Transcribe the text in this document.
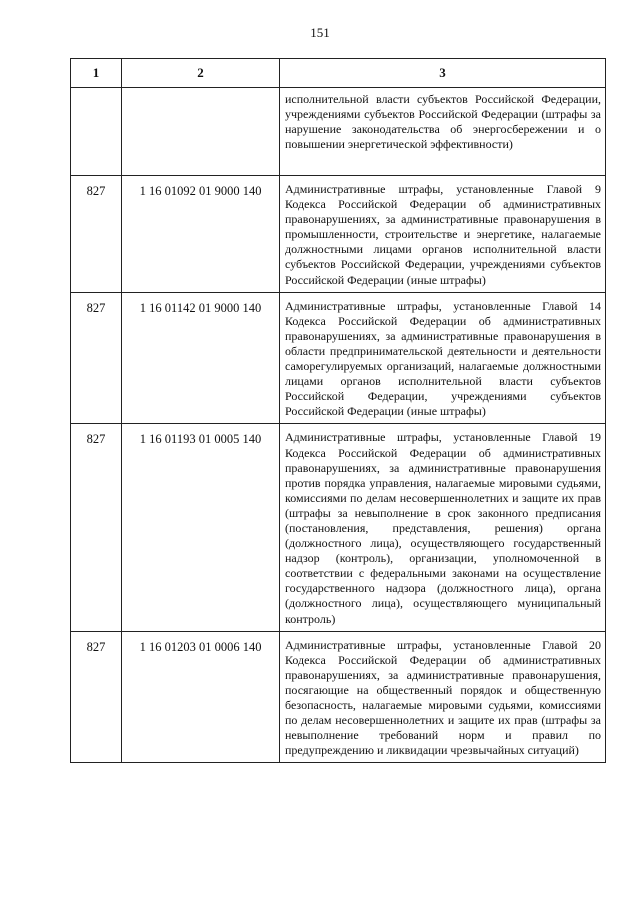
151
1	2	3
		исполнительной власти субъектов Российской Федерации, учреждениями субъектов Российской Федерации (штрафы за нарушение законодательства об энергосбережении и о повышении энергетической эффективности)
827	1 16 01092 01 9000 140	Административные штрафы, установленные Главой 9 Кодекса Российской Федерации об административных правонарушениях, за административные правонарушения в промышленности, строительстве и энергетике, налагаемые должностными лицами органов исполнительной власти субъектов Российской Федерации, учреждениями субъектов Российской Федерации (иные штрафы)
827	1 16 01142 01 9000 140	Административные штрафы, установленные Главой 14 Кодекса Российской Федерации об административных правонарушениях, за административные правонарушения в области предпринимательской деятельности и деятельности саморегулируемых организаций, налагаемые должностными лицами органов исполнительной власти субъектов Российской Федерации, учреждениями субъектов Российской Федерации (иные штрафы)
827	1 16 01193 01 0005 140	Административные штрафы, установленные Главой 19 Кодекса Российской Федерации об административных правонарушениях, за административные правонарушения против порядка управления, налагаемые мировыми судьями, комиссиями по делам несовершеннолетних и защите их прав (штрафы за невыполнение в срок законного предписания (постановления, представления, решения) органа (должностного лица), осуществляющего государственный надзор (контроль), организации, уполномоченной в соответствии с федеральными законами на осуществление государственного надзора (должностного лица), органа (должностного лица), осуществляющего муниципальный контроль)
827	1 16 01203 01 0006 140	Административные штрафы, установленные Главой 20 Кодекса Российской Федерации об административных правонарушениях, за административные правонарушения, посягающие на общественный порядок и общественную безопасность, налагаемые мировыми судьями, комиссиями по делам несовершеннолетних и защите их прав (штрафы за невыполнение требований норм и правил по предупреждению и ликвидации чрезвычайных ситуаций)
